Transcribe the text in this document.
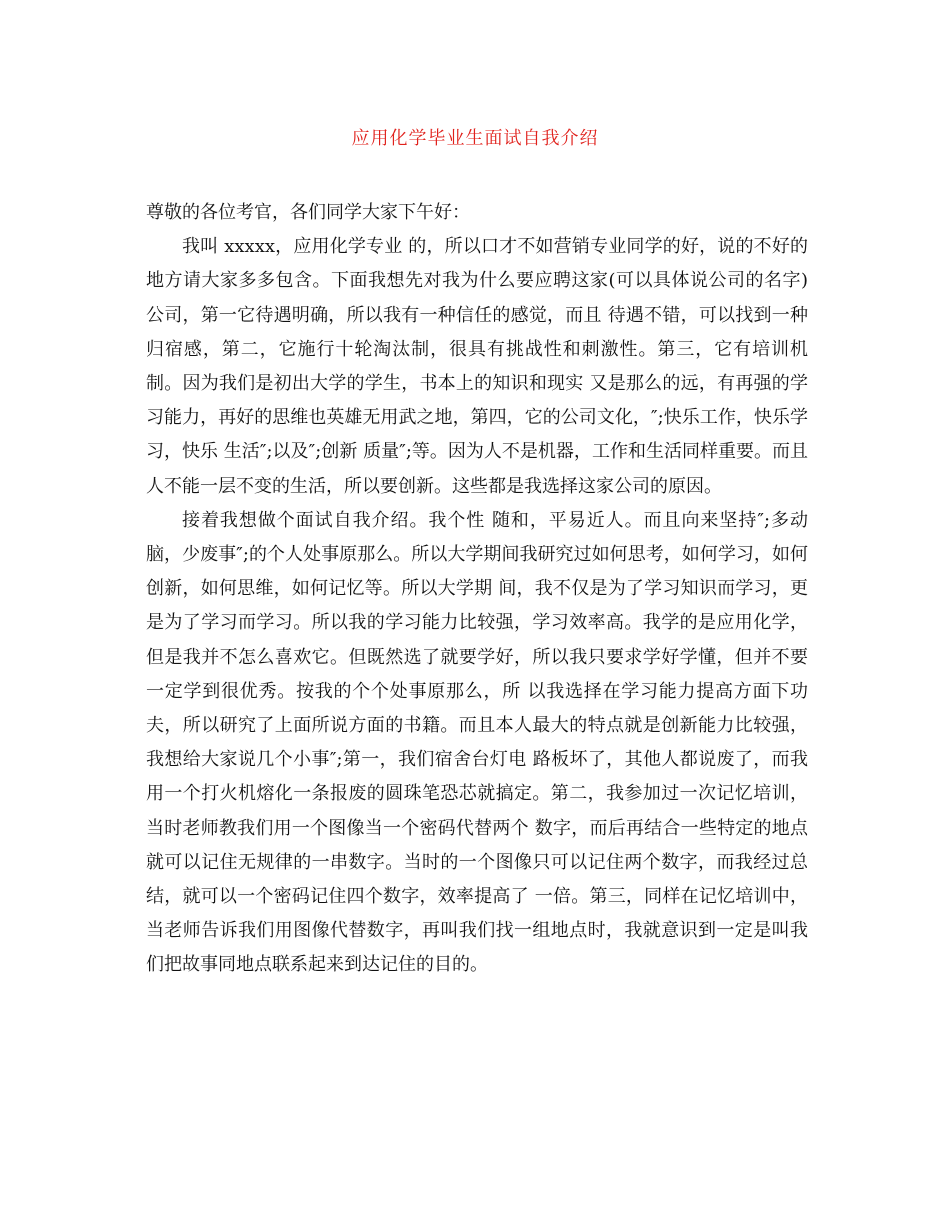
应用化学毕业生面试自我介绍

尊敬的各位考官，各们同学大家下午好：

我叫 xxxxx，应用化学专业 的，所以口才不如营销专业同学的好，说的不好的地方请大家多多包含。下面我想先对我为什么要应聘这家(可以具体说公司的名字)公司，第一它待遇明确，所以我有一种信任的感觉，而且 待遇不错，可以找到一种归宿感，第二，它施行十轮淘汰制，很具有挑战性和刺激性。第三，它有培训机制。因为我们是初出大学的学生，书本上的知识和现实 又是那么的远，有再强的学习能力，再好的思维也英雄无用武之地，第四，它的公司文化，″;快乐工作，快乐学习，快乐 生活″;以及″;创新 质量″;等。因为人不是机器，工作和生活同样重要。而且人不能一层不变的生活，所以要创新。这些都是我选择这家公司的原因。

接着我想做个面试自我介绍。我个性 随和，平易近人。而且向来坚持″;多动脑，少废事″;的个人处事原那么。所以大学期间我研究过如何思考，如何学习，如何创新，如何思维，如何记忆等。所以大学期 间，我不仅是为了学习知识而学习，更是为了学习而学习。所以我的学习能力比较强，学习效率高。我学的是应用化学，但是我并不怎么喜欢它。但既然选了就要学好，所以我只要求学好学懂，但并不要一定学到很优秀。按我的个个处事原那么，所 以我选择在学习能力提高方面下功夫，所以研究了上面所说方面的书籍。而且本人最大的特点就是创新能力比较强，我想给大家说几个小事″;第一，我们宿舍台灯电 路板坏了，其他人都说废了，而我用一个打火机熔化一条报废的圆珠笔恐芯就搞定。第二，我参加过一次记忆培训，当时老师教我们用一个图像当一个密码代替两个 数字，而后再结合一些特定的地点就可以记住无规律的一串数字。当时的一个图像只可以记住两个数字，而我经过总结，就可以一个密码记住四个数字，效率提高了 一倍。第三，同样在记忆培训中，当老师告诉我们用图像代替数字，再叫我们找一组地点时，我就意识到一定是叫我们把故事同地点联系起来到达记住的目的。
